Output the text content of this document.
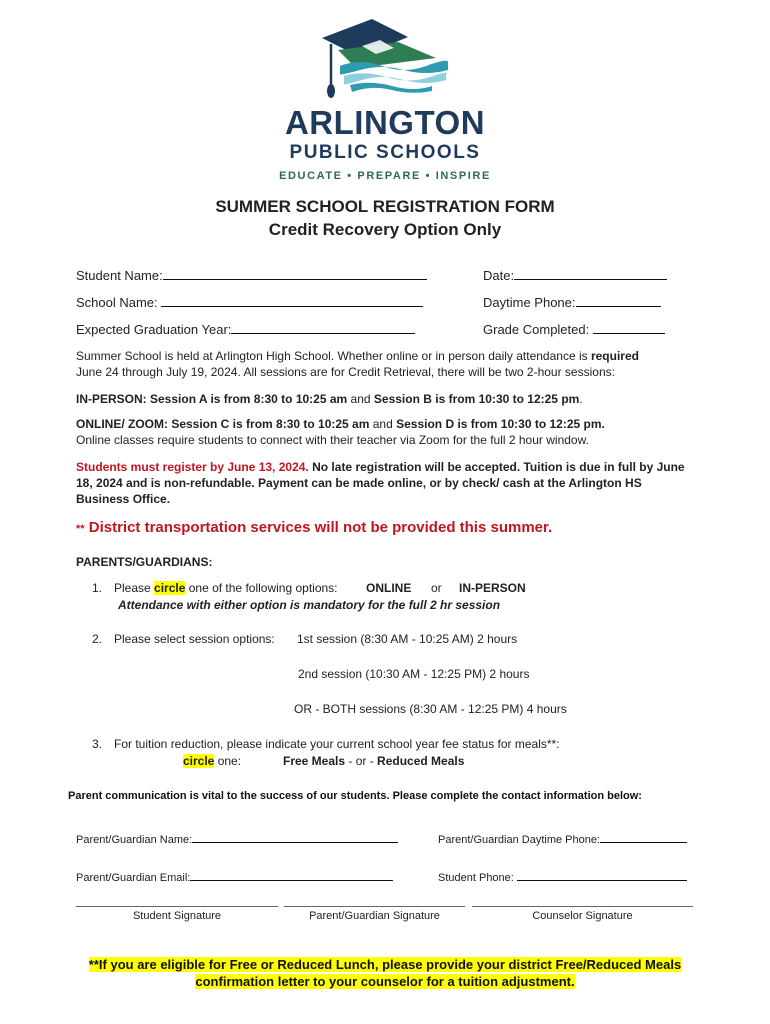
ARLINGTON
PUBLIC SCHOOLS
EDUCATE • PREPARE • INSPIRE
SUMMER SCHOOL REGISTRATION FORM
Credit Recovery Option Only
Student Name:	Date:
School Name:	Daytime Phone:
Expected Graduation Year:	Grade Completed:
Summer School is held at Arlington High School. Whether online or in person daily attendance is required
June 24 through July 19, 2024. All sessions are for Credit Retrieval, there will be two 2-hour sessions:
IN-PERSON: Session A is from 8:30 to 10:25 am and Session B is from 10:30 to 12:25 pm.
ONLINE/ ZOOM: Session C is from 8:30 to 10:25 am and Session D is from 10:30 to 12:25 pm.
Online classes require students to connect with their teacher via Zoom for the full 2 hour window.
Students must register by June 13, 2024. No late registration will be accepted. Tuition is due in full by June 18, 2024 and is non-refundable. Payment can be made online, or by check/ cash at the Arlington HS Business Office.
** District transportation services will not be provided this summer.
PARENTS/GUARDIANS:
1. Please circle one of the following options: ONLINE or IN-PERSON
Attendance with either option is mandatory for the full 2 hr session
2. Please select session options: 1st session (8:30 AM - 10:25 AM) 2 hours
2nd session (10:30 AM - 12:25 PM) 2 hours
OR - BOTH sessions (8:30 AM - 12:25 PM) 4 hours
3. For tuition reduction, please indicate your current school year fee status for meals**:
circle one:	Free Meals - or - Reduced Meals
Parent communication is vital to the success of our students. Please complete the contact information below:
Parent/Guardian Name:	Parent/Guardian Daytime Phone:
Parent/Guardian Email:	Student Phone:
Student Signature	Parent/Guardian Signature	Counselor Signature
**If you are eligible for Free or Reduced Lunch, please provide your district Free/Reduced Meals confirmation letter to your counselor for a tuition adjustment.
